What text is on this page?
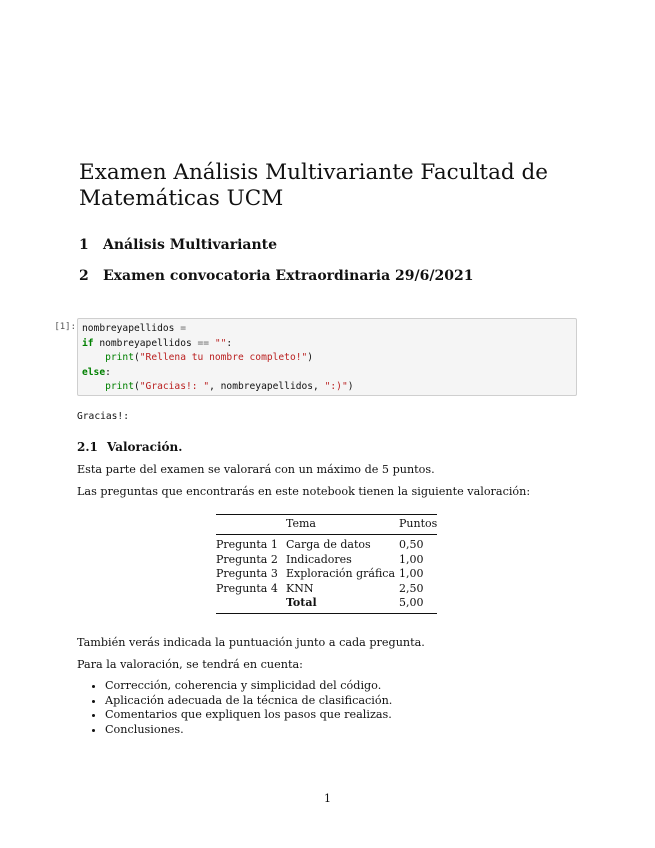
Examen Análisis Multivariante Facultad de Matemáticas UCM
1 Análisis Multivariante
2 Examen convocatoria Extraordinaria 29/6/2021
[1]: nombreyapellidos =
if nombreyapellidos == "":
print("Rellena tu nombre completo!")
else:
print("Gracias!: ", nombreyapellidos, ":)")
Gracias!:
2.1 Valoración.

Esta parte del examen se valorará con un máximo de 5 puntos.

Las preguntas que encontrarás en este notebook tienen la siguiente valoración:

	Tema	Puntos
Pregunta 1	Carga de datos	0,50
Pregunta 2	Indicadores	1,00
Pregunta 3	Exploración gráfica	1,00
Pregunta 4	KNN	2,50
	Total	5,00

También verás indicada la puntuación junto a cada pregunta.

Para la valoración, se tendrá en cuenta:

• Corrección, coherencia y simplicidad del código.
• Aplicación adecuada de la técnica de clasificación.
• Comentarios que expliquen los pasos que realizas.
• Conclusiones.
1
